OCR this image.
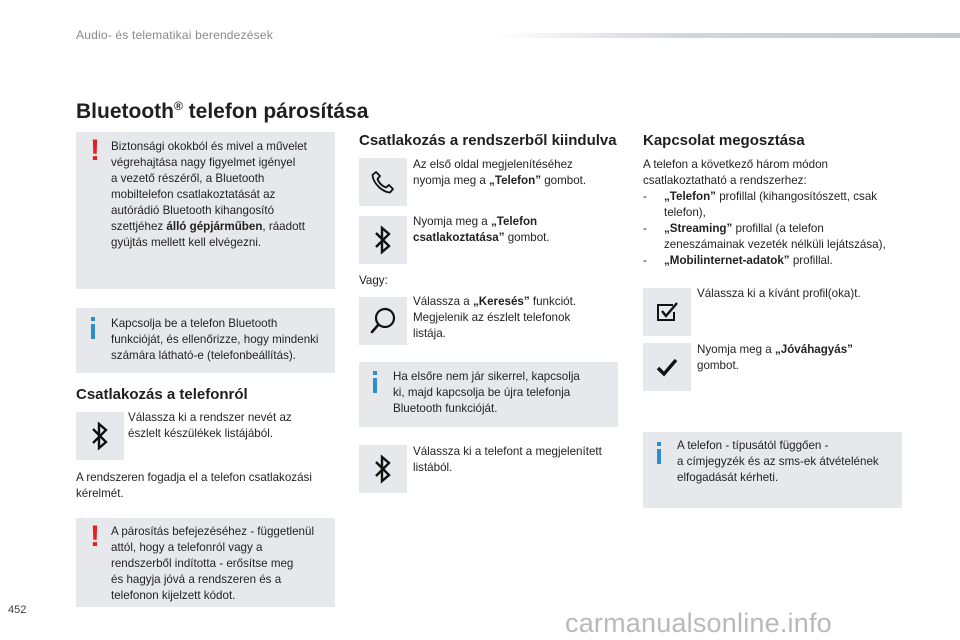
Audio- és telematikai berendezések
Bluetooth® telefon párosítása
! Biztonsági okokból és mivel a művelet
végrehajtása nagy figyelmet igényel
a vezető részéről, a Bluetooth
mobiltelefon csatlakoztatását az
autórádió Bluetooth kihangosító
szettjéhez álló gépjárműben, ráadott
gyújtás mellett kell elvégezni.

Kapcsolja be a telefon Bluetooth
funkcióját, és ellenőrizze, hogy mindenki
számára látható-e (telefonbeállítás).

Csatlakozás a telefonról
Válassza ki a rendszer nevét az
észlelt készülékek listájából.
A rendszeren fogadja el a telefon csatlakozási
kérelmét.
! A párosítás befejezéséhez - függetlenül
attól, hogy a telefonról vagy a
rendszerből indította - erősítse meg
és hagyja jóvá a rendszeren és a
telefonon kijelzett kódot.

Csatlakozás a rendszerből kiindulva
Az első oldal megjelenítéséhez
nyomja meg a „Telefon” gombot.
Nyomja meg a „Telefon
csatlakoztatása” gombot.
Vagy:
Válassza a „Keresés” funkciót.
Megjelenik az észlelt telefonok
listája.

Ha elsőre nem jár sikerrel, kapcsolja
ki, majd kapcsolja be újra telefonja
Bluetooth funkcióját.

Válassza ki a telefont a megjelenített
listából.
Kapcsolat megosztása
A telefon a következő három módon
csatlakoztatható a rendszerhez:
- „Telefon” profillal (kihangosítószett, csak
telefon),
- „Streaming” profillal (a telefon
zeneszámainak vezeték nélküli lejátszása),
- „Mobilinternet-adatok” profillal.
Válassza ki a kívánt profil(oka)t.
Nyomja meg a „Jóváhagyás”
gombot.

A telefon - típusától függően -
a címjegyzék és az sms-ek átvételének
elfogadását kérheti.

452	carmanualsonline.info
